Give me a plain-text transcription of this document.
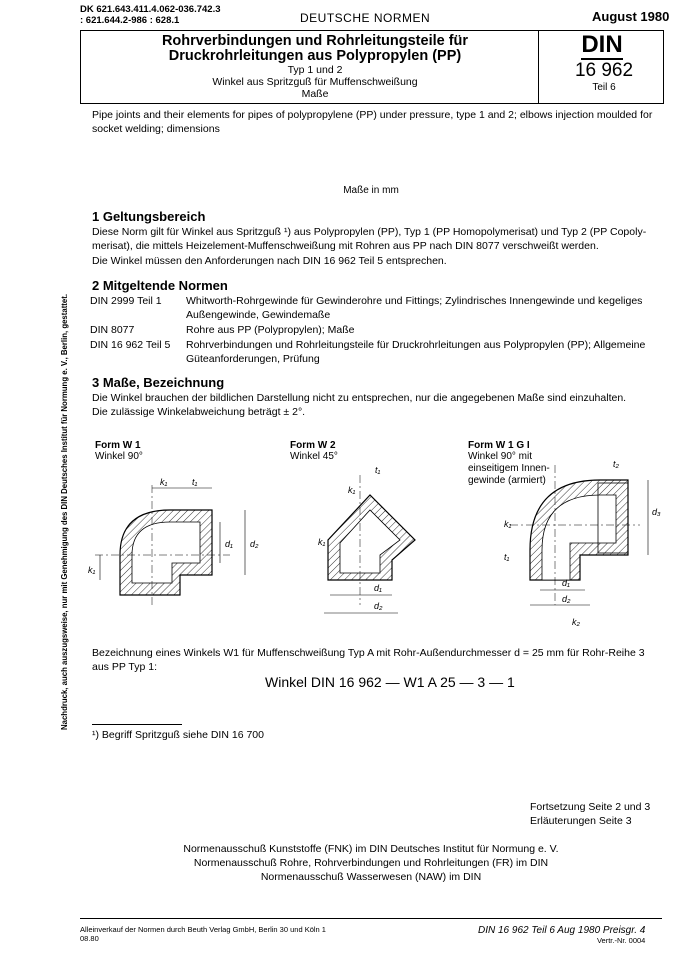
DK 621.643.411.4.062-036.742.3
: 621.644.2-986 : 628.1	DEUTSCHE NORMEN	August 1980
Rohrverbindungen und Rohrleitungsteile für
Druckrohrleitungen aus Polypropylen (PP)
Typ 1 und 2
Winkel aus Spritzguß für Muffenschweißung
Maße
DIN
16 962
Teil 6
Pipe joints and their elements for pipes of polypropylene (PP) under pressure, type 1 and 2; elbows injection moulded for socket welding; dimensions
Maße in mm
Nachdruck, auch auszugsweise, nur mit Genehmigung des DIN Deutsches Institut für Normung e. V., Berlin, gestattet.
1 Geltungsbereich
Diese Norm gilt für Winkel aus Spritzguß ¹) aus Polypropylen (PP), Typ 1 (PP Homopolymerisat) und Typ 2 (PP Copoly-
merisat), die mittels Heizelement-Muffenschweißung mit Rohren aus PP nach DIN 8077 verschweißt werden.
Die Winkel müssen den Anforderungen nach DIN 16 962 Teil 5 entsprechen.
2 Mitgeltende Normen
DIN 2999 Teil 1	Whitworth-Rohrgewinde für Gewinderohre und Fittings; Zylindrisches Innengewinde und kegeliges
Außengewinde, Gewindemaße

DIN 8077	Rohre aus PP (Polypropylen); Maße
DIN 16 962 Teil 5	Rohrverbindungen und Rohrleitungsteile für Druckrohrleitungen aus Polypropylen (PP); Allgemeine
Güteanforderungen, Prüfung
3 Maße, Bezeichnung
Die Winkel brauchen der bildlichen Darstellung nicht zu entsprechen, nur die angegebenen Maße sind einzuhalten.
Die zulässige Winkelabweichung beträgt ± 2°.
Form W 1
Winkel 90°
Form W 2
Winkel 45°
Form W 1 G I
Winkel 90° mit
einseitigem Innen-
gewinde (armiert)
k₁	t₁
d₁ d₂
k₁
k₁
t₁
d₁
d₂
k₁
t₂
d₃
k₁
t₁
d₁
d₂
k₂
Bezeichnung eines Winkels W1 für Muffenschweißung Typ A mit Rohr-Außendurchmesser d = 25 mm für Rohr-Reihe 3
aus PP Typ 1:
Winkel DIN 16 962 — W1 A 25 — 3 — 1
¹) Begriff Spritzguß siehe DIN 16 700
Fortsetzung Seite 2 und 3
Erläuterungen Seite 3
Normenausschuß Kunststoffe (FNK) im DIN Deutsches Institut für Normung e. V.
Normenausschuß Rohre, Rohrverbindungen und Rohrleitungen (FR) im DIN
Normenausschuß Wasserwesen (NAW) im DIN
Alleinverkauf der Normen durch Beuth Verlag GmbH, Berlin 30 und Köln 1
08.80
DIN 16 962 Teil 6 Aug 1980 Preisgr. 4
Vertr.-Nr. 0004
